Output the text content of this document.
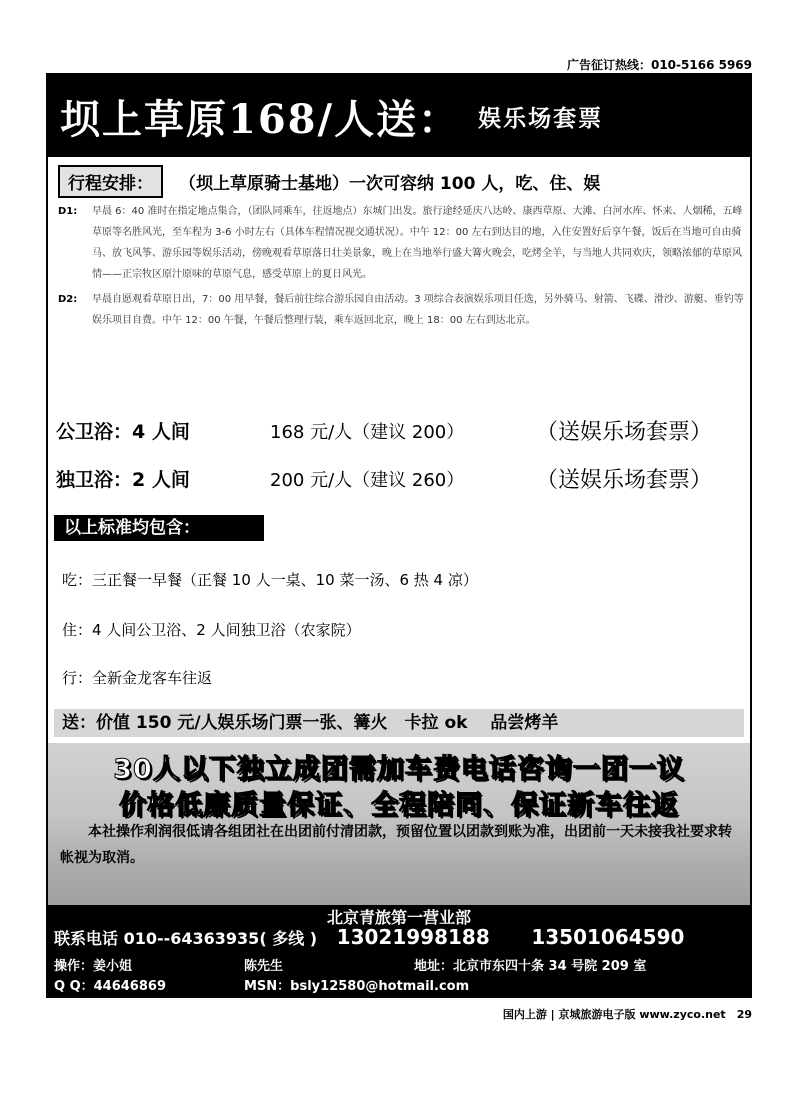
广告征订热线：010-5166 5969
坝上草原168/人送： 娱乐场套票
行程安排：	（坝上草原骑士基地）一次可容纳 100 人，吃、住、娱
D1:	早晨 6：40 准时在指定地点集合，（团队同乘车，往返地点）东城门出发。旅行途经延庆八达岭、康西草原、大滩、白河水库、怀来、人烟稀，五峰草原等名胜风光，至车程为 3-6 小时左右（具体车程情况视交通状况）。中午 12：00 左右到达目的地，入住安置好后享午餐，饭后在当地可自由骑马、放飞风筝、游乐园等娱乐活动，傍晚观看草原落日壮美景象，晚上在当地举行盛大篝火晚会，吃烤全羊，与当地人共同欢庆，领略浓郁的草原风情——正宗牧区原汁原味的草原气息，感受草原上的夏日风光。
D2:	早晨自愿观看草原日出，7：00 用早餐，餐后前往综合游乐园自由活动。3 项综合表演娱乐项目任选，另外骑马、射箭、飞碟、滑沙、游艇、垂钓等娱乐项目自费。中午 12：00 午餐，午餐后整理行装，乘车返回北京，晚上 18：00 左右到达北京。
公卫浴：4 人间	168 元/人（建议 200）	（送娱乐场套票）
独卫浴：2 人间	200 元/人（建议 260）	（送娱乐场套票）
以上标准均包含：
吃：三正餐一早餐（正餐 10 人一桌、10 菜一汤、6 热 4 凉）
住：4 人间公卫浴、2 人间独卫浴（农家院）
行：全新金龙客车往返
送：价值 150 元/人娱乐场门票一张、篝火　卡拉 ok　 品尝烤羊
30人以下独立成团需加车费电话咨询一团一议
价格低廉质量保证、全程陪同、保证新车往返
本社操作利润很低请各组团社在出团前付清团款，预留位置以团款到账为准，出团前一天未接我社要求转帐视为取消。
北京青旅第一营业部
联系电话 010--64363935( 多线 ) 13021998188 13501064590
操作：姜小姐	陈先生	地址：北京市东四十条 34 号院 209 室
Q Q：44646869	MSN：bsly12580@hotmail.com
国内上游 | 京城旅游电子版 www.zyco.net　29
